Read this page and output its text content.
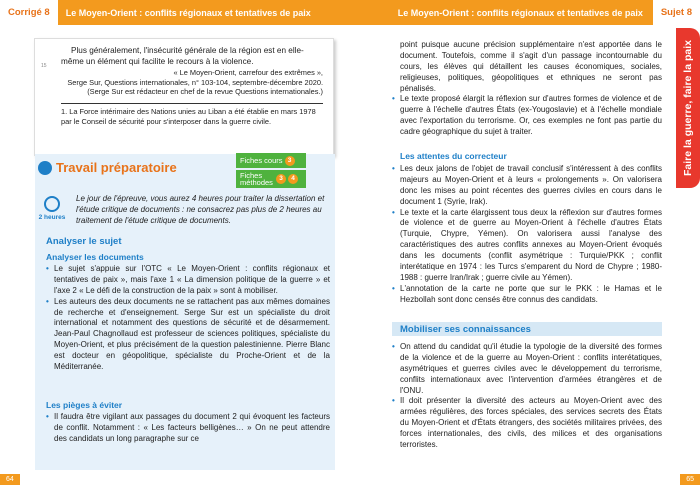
Corrigé 8	Le Moyen-Orient : conflits régionaux et tentatives de paix	Le Moyen-Orient : conflits régionaux et tentatives de paix	Sujet 8
15

Plus généralement, l'insécurité générale de la région est en elle-même un élément qui facilite le recours à la violence.

« Le Moyen-Orient, carrefour des extrêmes »,
Serge Sur, Questions internationales, n° 103-104, septembre-décembre 2020.
(Serge Sur est rédacteur en chef de la revue Questions internationales.)

1. La Force intérimaire des Nations unies au Liban a été établie en mars 1978 par le Conseil de sécurité pour s'interposer dans la guerre civile.

Travail préparatoire	Fiches cours 3
Fiches méthodes 3	4
2 heures
Le jour de l'épreuve, vous aurez 4 heures pour traiter la dissertation et l'étude critique de documents : ne consacrez pas plus de 2 heures au traitement de l'étude critique de documents.
Analyser le sujet
Analyser les documents
• Le sujet s'appuie sur l'OTC « Le Moyen-Orient : conflits régionaux et tentatives de paix », mais l'axe 1 « La dimension politique de la guerre » et l'axe 2 « Le défi de la construction de la paix » sont à mobiliser.
• Les auteurs des deux documents ne se rattachent pas aux mêmes domaines de recherche et d'enseignement. Serge Sur est un spécialiste du droit international et notamment des questions de sécurité et de désarmement. Jean-Paul Chagnollaud est professeur de sciences politiques, spécialiste du Moyen-Orient, et plus précisément de la question palestinienne. Pierre Blanc est docteur en géopolitique, spécialiste du Proche-Orient et de la Méditerranée.
Les pièges à éviter
• Il faudra être vigilant aux passages du document 2 qui évoquent les facteurs de conflit. Notamment : « Les facteurs belligènes… » On ne peut attendre des candidats un long paragraphe sur ce

point puisque aucune précision supplémentaire n'est apportée dans le document. Toutefois, comme il s'agit d'un passage incontournable du cours, les élèves qui détaillent les causes économiques, sociales, religieuses, politiques, géopolitiques et ethniques ne seront pas pénalisés.

• Le texte proposé élargit la réflexion sur d'autres formes de violence et de guerre à l'échelle d'autres États (ex-Yougoslavie) et à l'échelle mondiale avec l'exportation du terrorisme. Or, ces exemples ne font pas partie du cadre géographique du sujet à traiter.
Les attentes du correcteur
• Les deux jalons de l'objet de travail conclusif s'intéressent à des conflits majeurs au Moyen-Orient et à leurs « prolongements ». On valorisera donc les mises au point récentes des guerres civiles en cours dans le document 1 (Syrie, Irak).
• Le texte et la carte élargissent tous deux la réflexion sur d'autres formes de violence et de guerre au Moyen-Orient à l'échelle d'autres États (Turquie, Chypre, Yémen). On valorisera aussi l'analyse des caractéristiques des autres conflits annexes au Moyen-Orient évoqués dans les documents (conflit asymétrique : Turquie/PKK ; conflit interétatique en 1974 : les Turcs s'emparent du Nord de Chypre ; 1980-1988 : guerre Iran/Irak ; guerre civile au Yémen).
• L'annotation de la carte ne porte que sur le PKK : le Hamas et le Hezbollah sont donc censés être connus des candidats.
Mobiliser ses connaissances
• On attend du candidat qu'il étudie la typologie de la diversité des formes de la violence et de la guerre au Moyen-Orient : conflits interétatiques, asymétriques et guerres civiles avec le développement du terrorisme, conflits internationaux avec l'intervention d'armées étrangères et de l'ONU.
• Il doit présenter la diversité des acteurs au Moyen-Orient avec des armées régulières, des forces spéciales, des services secrets des États du Moyen-Orient et d'États étrangers, des sociétés militaires privées, des forces internationales, des civils, des milices et des organisations terroristes.
Faire la guerre, faire la paix
64	65
